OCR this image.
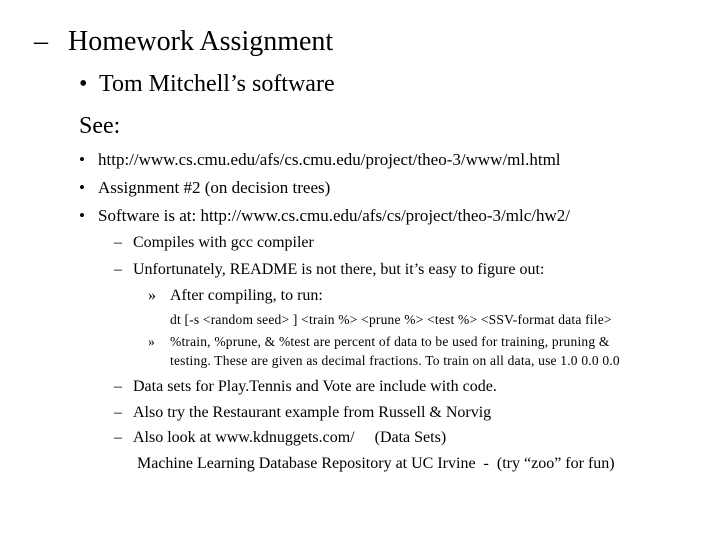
– Homework Assignment
• Tom Mitchell’s software
See:
• http://www.cs.cmu.edu/afs/cs.cmu.edu/project/theo-3/www/ml.html
• Assignment #2 (on decision trees)
• Software is at: http://www.cs.cmu.edu/afs/cs/project/theo-3/mlc/hw2/
– Compiles with gcc compiler
– Unfortunately, README is not there, but it’s easy to figure out:
» After compiling, to run:
dt [-s <random seed> ] <train %> <prune %> <test %> <SSV-format data file>
» %train, %prune, & %test are percent of data to be used for training, pruning &
testing. These are given as decimal fractions. To train on all data, use 1.0 0.0 0.0
– Data sets for Play.Tennis and Vote are include with code.
– Also try the Restaurant example from Russell & Norvig
– Also look at www.kdnuggets.com/     (Data Sets)
Machine Learning Database Repository at UC Irvine  -  (try “zoo” for fun)
